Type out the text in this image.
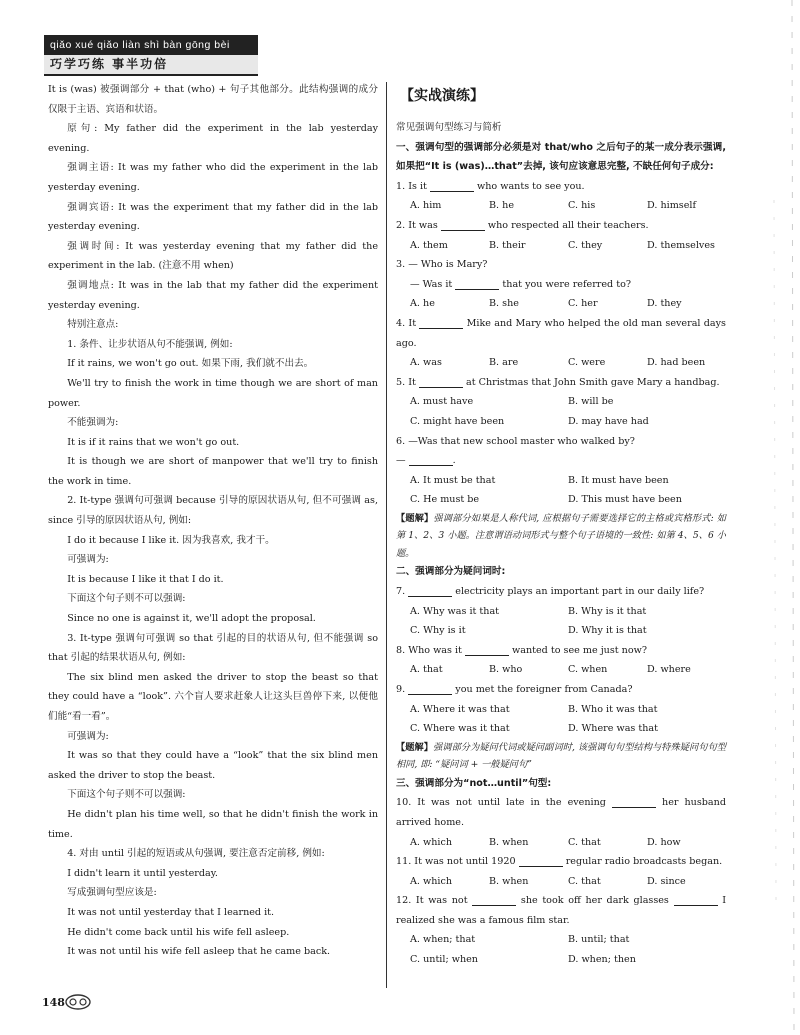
qiǎo xué qiǎo liàn shì bàn gōng bèi
巧学巧练 事半功倍

It is (was) 被强调部分 + that (who) + 句子其他部分。此结构强调的成分仅限于主语、宾语和状语。

原句: My father did the experiment in the lab yesterday evening.

强调主语: It was my father who did the experiment in the lab yesterday evening.

强调宾语: It was the experiment that my father did in the lab yesterday evening.

强调时间: It was yesterday evening that my father did the experiment in the lab. (注意不用 when)

强调地点: It was in the lab that my father did the experiment yesterday evening.

特别注意点:

1. 条件、让步状语从句不能强调, 例如:

If it rains, we won't go out. 如果下雨, 我们就不出去。

We'll try to finish the work in time though we are short of man power.

不能强调为:

It is if it rains that we won't go out.

It is though we are short of manpower that we'll try to finish the work in time.

2. It-type 强调句可强调 because 引导的原因状语从句, 但不可强调 as, since 引导的原因状语从句, 例如:

I do it because I like it. 因为我喜欢, 我才干。

可强调为:

It is because I like it that I do it.

下面这个句子则不可以强调:

Since no one is against it, we'll adopt the proposal.

3. It-type 强调句可强调 so that 引起的目的状语从句, 但不能强调 so that 引起的结果状语从句, 例如:

The six blind men asked the driver to stop the beast so that they could have a “look”. 六个盲人要求赶象人让这头巨兽停下来, 以便他们能“看一看”。

可强调为:

It was so that they could have a “look” that the six blind men asked the driver to stop the beast.

下面这个句子则不可以强调:

He didn't plan his time well, so that he didn't finish the work in time.

4. 对由 until 引起的短语或从句强调, 要注意否定前移, 例如:

I didn't learn it until yesterday.

写成强调句型应该是:

It was not until yesterday that I learned it.

He didn't come back until his wife fell asleep.

It was not until his wife fell asleep that he came back.

【实战演练】

常见强调句型练习与简析

一、强调句型的强调部分必须是对 that/who 之后句子的某一成分表示强调, 如果把“It is (was)…that”去掉, 该句应该意思完整, 不缺任何句子成分:

1. Is it	who wants to see you.

A. him	B. he	C. his	D. himself

2. It was	who respected all their teachers.

A. them	B. their	C. they	D. themselves

3. — Who is Mary?

— Was it	that you were referred to?

A. he	B. she	C. her	D. they

4. It	Mike and Mary who helped the old man several days ago.

A. was	B. are	C. were	D. had been

5. It	at Christmas that John Smith gave Mary a handbag.

A. must have	B. will be
C. might have been	D. may have had

6. —Was that new school master who walked by?

—	.

A. It must be that	B. It must have been
C. He must be	D. This must have been

【题解】强调部分如果是人称代词, 应根据句子需要选择它的主格或宾格形式: 如第 1、2、3 小题。注意谓语动词形式与整个句子语境的一致性: 如第 4、5、6 小题。

二、强调部分为疑问词时:

7.	electricity plays an important part in our daily life?

A. Why was it that	B. Why is it that
C. Why is it	D. Why it is that

8. Who was it	wanted to see me just now?

A. that	B. who	C. when	D. where

9.	you met the foreigner from Canada?

A. Where it was that	B. Who it was that
C. Where was it that	D. Where was that

【题解】强调部分为疑问代词或疑问副词时, 该强调句句型结构与特殊疑问句句型相同, 即: “疑问词 + 一般疑问句”

三、强调部分为“not…until”句型:

10. It was not until late in the evening	her husband arrived home.

A. which	B. when	C. that	D. how

11. It was not until 1920	regular radio broadcasts began.

A. which	B. when	C. that	D. since

12. It was not	she took off her dark glasses	I realized she was a famous film star.

A. when; that	B. until; that
C. until; when	D. when; then
148
